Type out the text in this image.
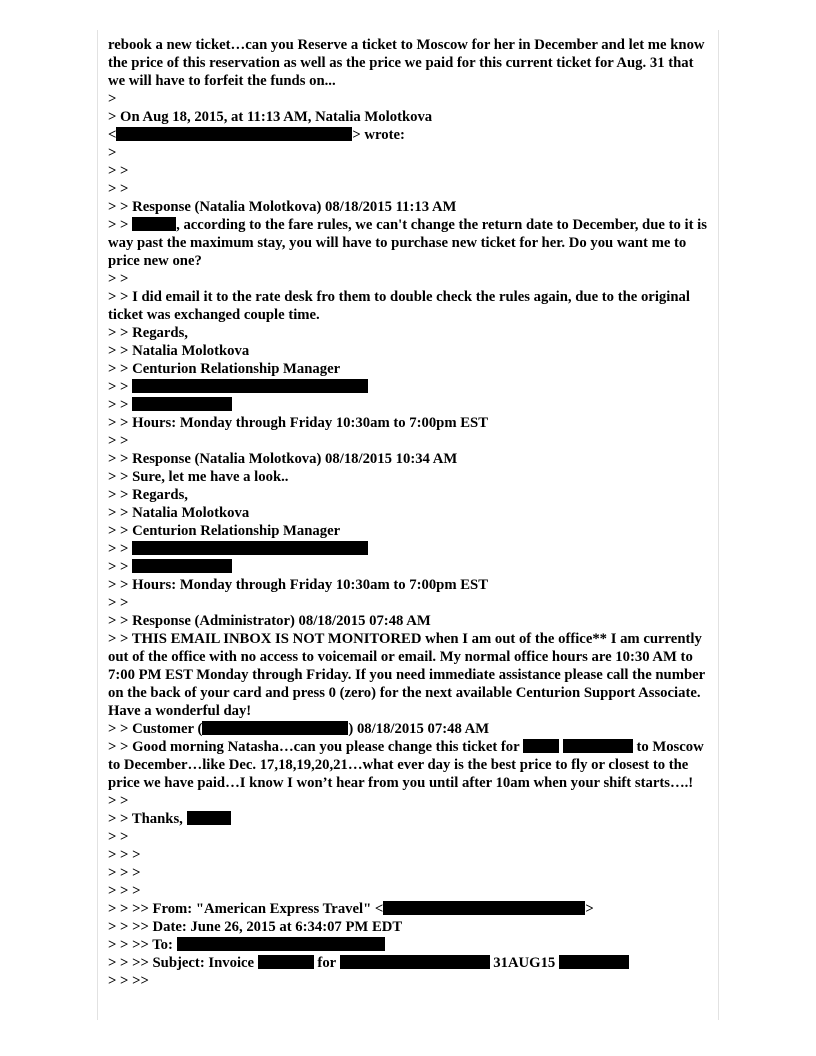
rebook a new ticket…can you Reserve a ticket to Moscow for her in December and let me know the price of this reservation as well as the price we paid for this current ticket for Aug. 31 that we will have to forfeit the funds on...

>

> On Aug 18, 2015, at 11:13 AM, Natalia Molotkova

<	> wrote:

>

> >

> >

> > Response (Natalia Molotkova) 08/18/2015 11:13 AM

> >	, according to the fare rules, we can't change the return date to December, due to it is way past the maximum stay, you will have to purchase new ticket for her. Do you want me to price new one?

> >

> > I did email it to the rate desk fro them to double check the rules again, due to the original ticket was exchanged couple time.

> > Regards,

> > Natalia Molotkova

> > Centurion Relationship Manager

> >

> >

> > Hours: Monday through Friday 10:30am to 7:00pm EST

> >

> > Response (Natalia Molotkova) 08/18/2015 10:34 AM

> > Sure, let me have a look..

> > Regards,

> > Natalia Molotkova

> > Centurion Relationship Manager

> >

> >

> > Hours: Monday through Friday 10:30am to 7:00pm EST

> >

> > Response (Administrator) 08/18/2015 07:48 AM

> > THIS EMAIL INBOX IS NOT MONITORED when I am out of the office** I am currently out of the office with no access to voicemail or email. My normal office hours are 10:30 AM to 7:00 PM EST Monday through Friday. If you need immediate assistance please call the number on the back of your card and press 0 (zero) for the next available Centurion Support Associate. Have a wonderful day!

> > Customer (	) 08/18/2015 07:48 AM

> > Good morning Natasha…can you please change this ticket for	to Moscow to December…like Dec. 17,18,19,20,21…what ever day is the best price to fly or closest to the price we have paid…I know I won’t hear from you until after 10am when your shift starts….!

> >

> > Thanks,

> >

> > >

> > >

> > >

> > >> From: "American Express Travel" <	>

> > >> Date: June 26, 2015 at 6:34:07 PM EDT

> > >> To:

> > >> Subject: Invoice	for	31AUG15

> > >>
